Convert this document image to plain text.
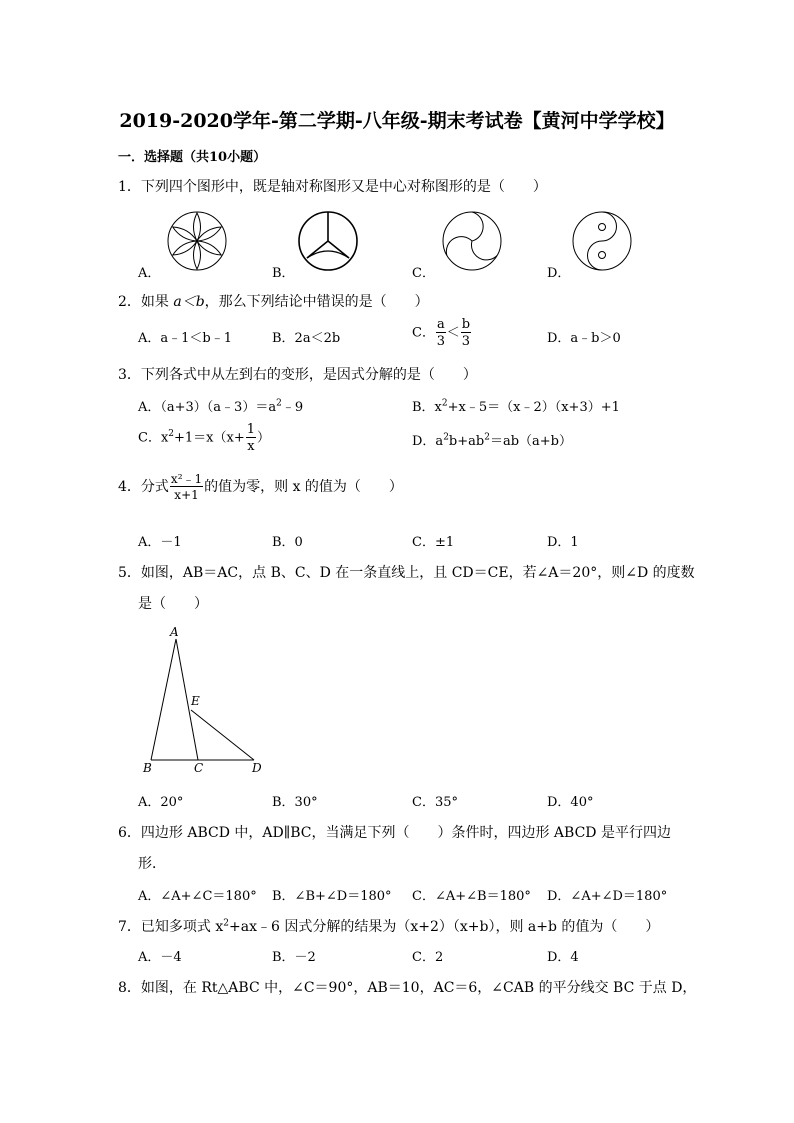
2019-2020学年-第二学期-八年级-期末考试卷【黄河中学学校】
一．选择题（共10小题）
1．下列四个图形中，既是轴对称图形又是中心对称图形的是（　　）
A．	B．	C．	D．
2．如果 a＜b，那么下列结论中错误的是（　　）
A．a﹣1＜b﹣1	B．2a＜2b	C． $\frac{a}{3} < \frac{b}{3}$	D．a﹣b＞0
3．下列各式中从左到右的变形，是因式分解的是（　　）
A．$(a+3)(a﹣3)=a^2﹣9$	B．$x^2+x﹣5=(x﹣2)(x+3)+1$
C．$x^2+1=x(x+ \frac{1}{x}$ ）	D．$a^2b+ab^2=ab(a+b)$
4．分式 $\frac{\text{x²﹣1}}{x+1}$ 的值为零，则 x 的值为（　　）
A．－1	B．0	C．±1	D．1
5．如图，AB＝AC，点 B、C、D 在一条直线上，且 CD＝CE，若∠A＝20°，则∠D 的度数
是（　　）
A
E
B	C	D
A．20°	B．30°	C．35°	D．40°
6．四边形 ABCD 中，AD∥BC，当满足下列（　　）条件时，四边形 ABCD 是平行四边
形．
A．∠A+∠C＝180° B．∠B+∠D＝180° C．∠A+∠B＝180° D．∠A+∠D＝180°
7．已知多项式 $x^2+ax﹣6$ 因式分解的结果为（x+2）（x+b），则 a+b 的值为（　　）
A．－4	B．－2	C．2	D．4
8．如图，在 Rt△ABC 中，∠C＝90°，AB＝10，AC＝6，∠CAB 的平分线交 BC 于点 D，
